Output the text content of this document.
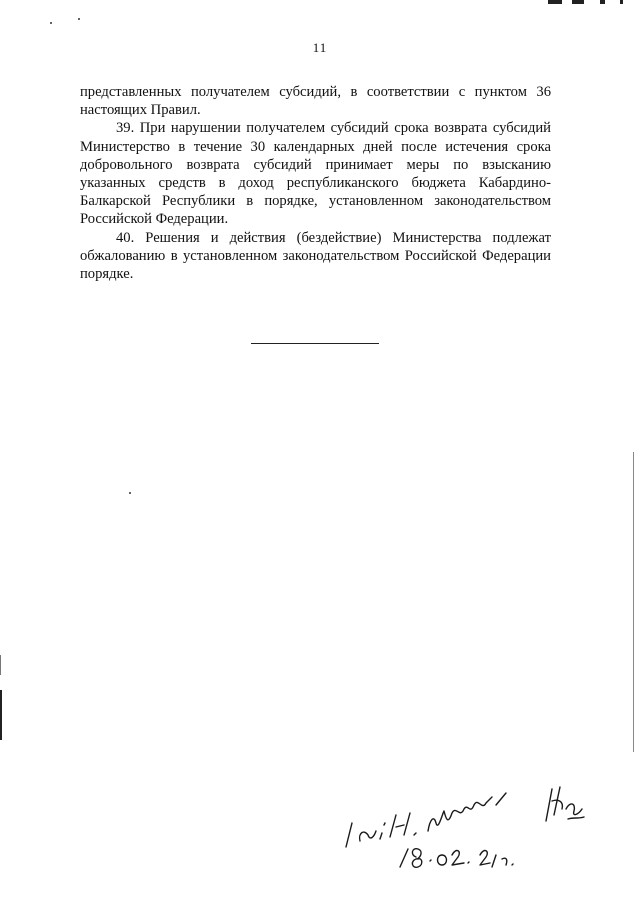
11

представленных получателем субсидий, в соответствии с пунктом 36 настоящих Правил.

39. При нарушении получателем субсидий срока возврата субсидий Министерство в течение 30 календарных дней после истечения срока добровольного возврата субсидий принимает меры по взысканию указанных средств в доход республиканского бюджета Кабардино-Балкарской Республики в порядке, установленном законодательством Российской Федерации.

40. Решения и действия (бездействие) Министерства подлежат обжалованию в установленном законодательством Российской Федерации порядке.
